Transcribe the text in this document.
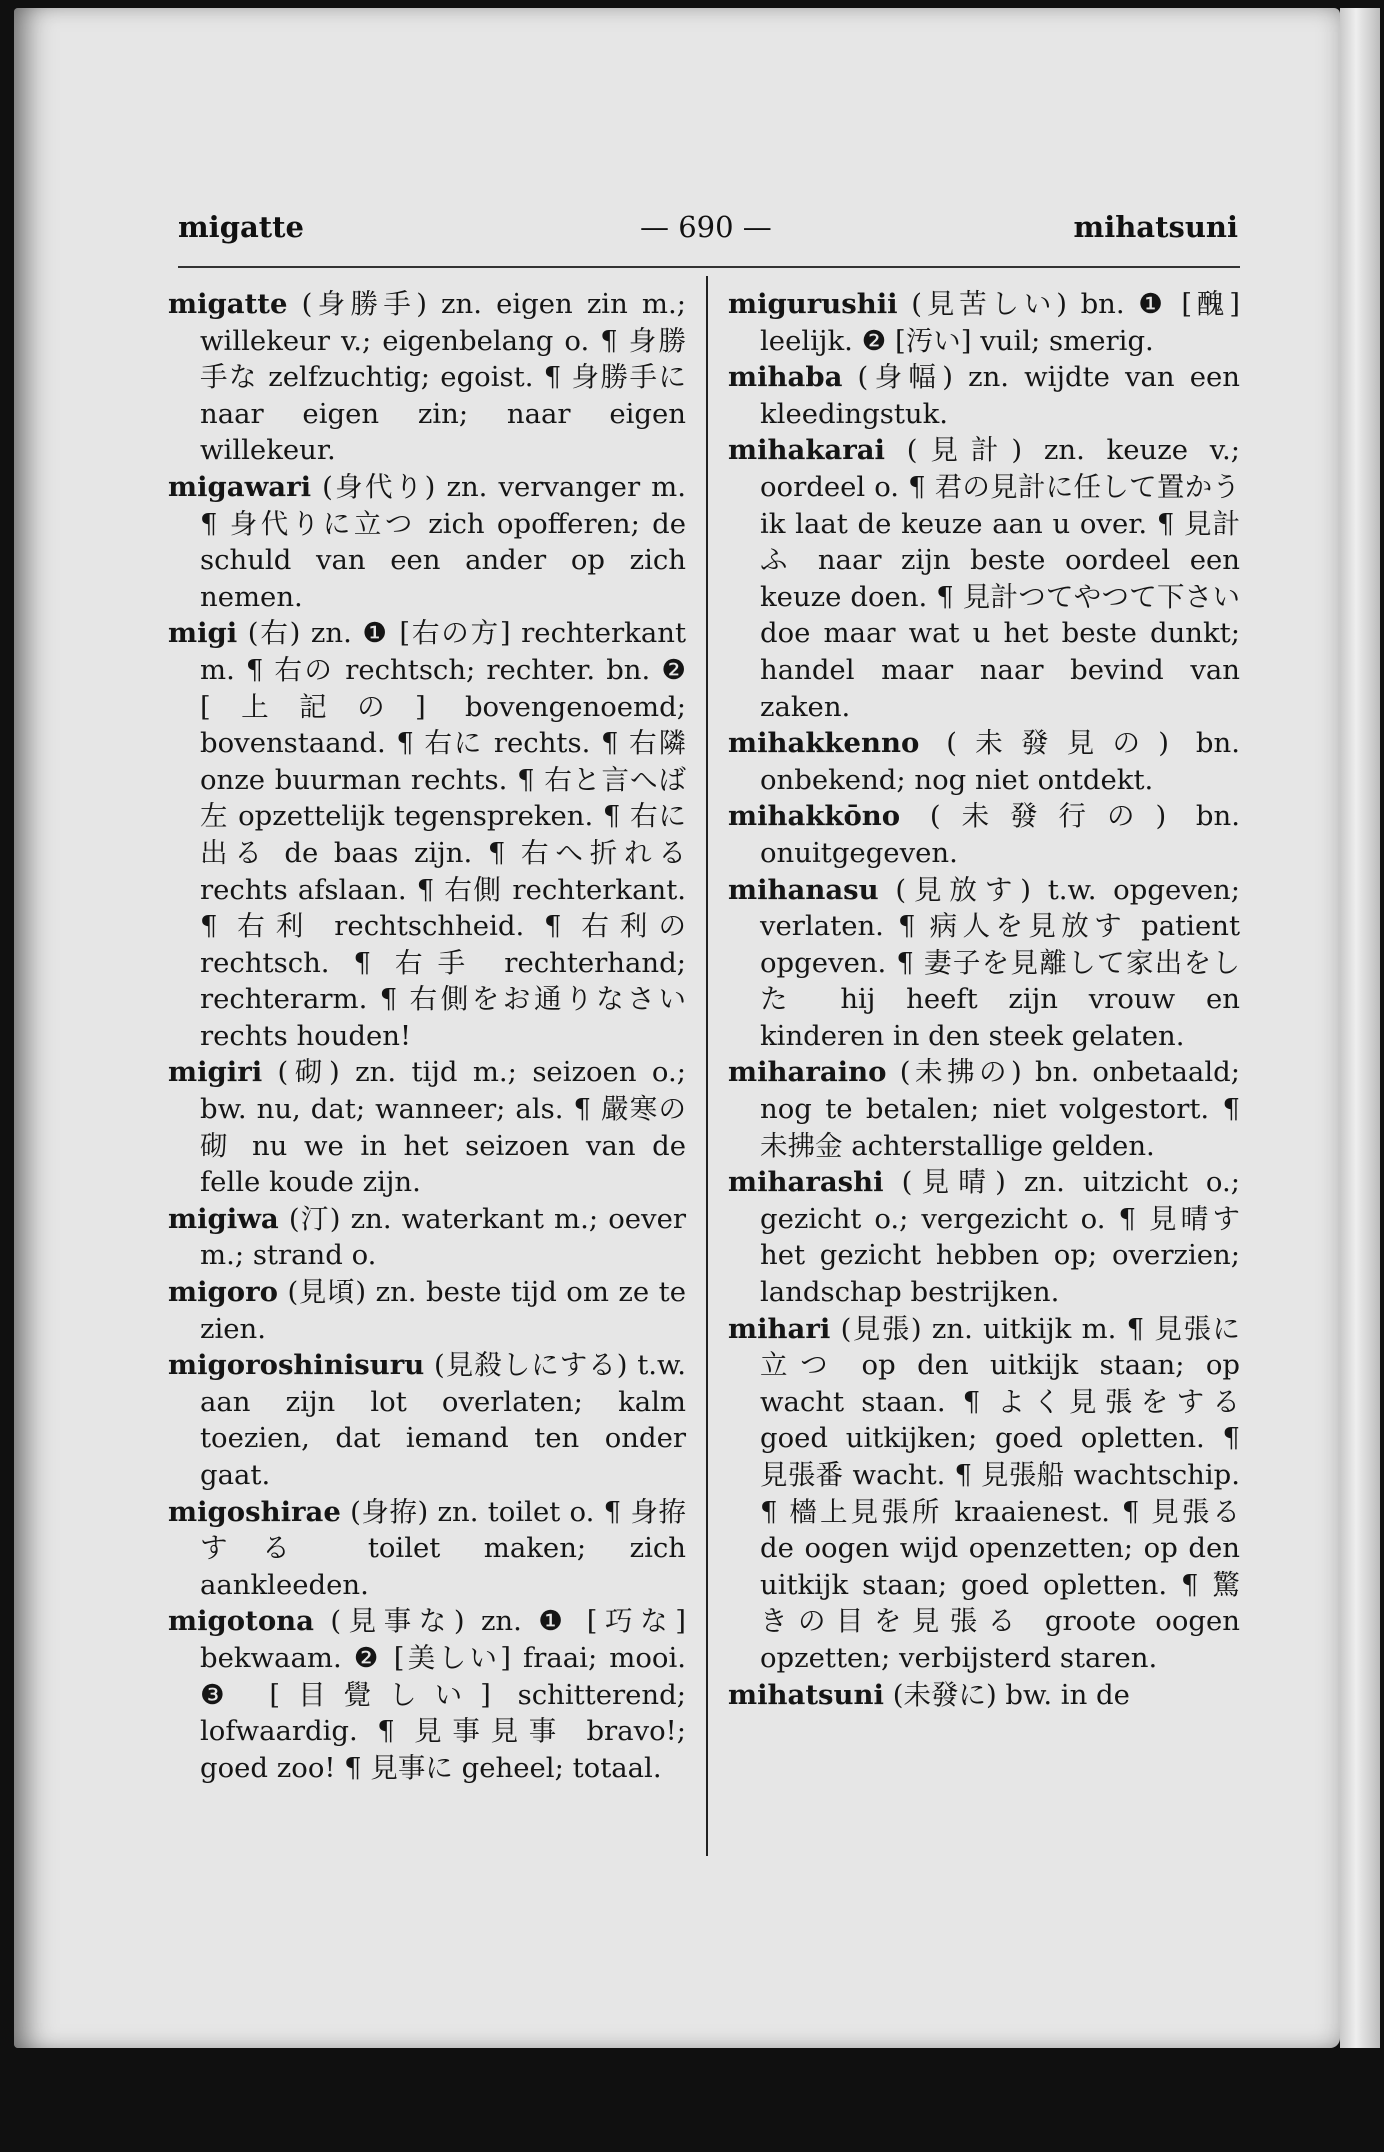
migatte	— 690 —	mihatsuni

migatte (身勝手) zn. eigen zin m.; willekeur v.; eigenbelang o. ¶ 身勝手な zelfzuchtig; egoist. ¶ 身勝手に naar eigen zin; naar eigen willekeur.

migawari (身代り) zn. vervanger m. ¶ 身代りに立つ zich opofferen; de schuld van een ander op zich nemen.

migi (右) zn. ❶ [右の方] rechterkant m. ¶ 右の rechtsch; rechter. bn. ❷ [上記の] bovengenoemd; bovenstaand. ¶ 右に rechts. ¶ 右隣 onze buurman rechts. ¶ 右と言へば左 opzettelijk tegenspreken. ¶ 右に出る de baas zijn. ¶ 右へ折れる rechts afslaan. ¶ 右側 rechterkant. ¶ 右利 rechtschheid. ¶ 右利の rechtsch. ¶ 右手 rechterhand; rechterarm. ¶ 右側をお通りなさい rechts houden!

migiri (砌) zn. tijd m.; seizoen o.; bw. nu, dat; wanneer; als. ¶ 嚴寒の砌 nu we in het seizoen van de felle koude zijn.

migiwa (汀) zn. waterkant m.; oever m.; strand o.

migoro (見頃) zn. beste tijd om ze te zien.

migoroshinisuru (見殺しにする) t.w. aan zijn lot overlaten; kalm toezien, dat iemand ten onder gaat.

migoshirae (身拵) zn. toilet o. ¶ 身拵する toilet maken; zich aankleeden.

migotona (見事な) zn. ❶ [巧な] bekwaam. ❷ [美しい] fraai; mooi. ❸ [目覺しい] schitterend; lofwaardig. ¶ 見事見事 bravo!; goed zoo! ¶ 見事に geheel; totaal.

migurushii (見苦しい) bn. ❶ [醜] leelijk. ❷ [汚い] vuil; smerig.

mihaba (身幅) zn. wijdte van een kleedingstuk.

mihakarai (見計) zn. keuze v.; oordeel o. ¶ 君の見計に任して置かう ik laat de keuze aan u over. ¶ 見計ふ naar zijn beste oordeel een keuze doen. ¶ 見計つてやつて下さい doe maar wat u het beste dunkt; handel maar naar bevind van zaken.

mihakkenno (未發見の) bn. onbekend; nog niet ontdekt.

mihakkōno (未發行の) bn. onuitgegeven.

mihanasu (見放す) t.w. opgeven; verlaten. ¶ 病人を見放す patient opgeven. ¶ 妻子を見離して家出をした hij heeft zijn vrouw en kinderen in den steek gelaten.

miharaino (未拂の) bn. onbetaald; nog te betalen; niet volgestort. ¶ 未拂金 achterstallige gelden.

miharashi (見晴) zn. uitzicht o.; gezicht o.; vergezicht o. ¶ 見晴す het gezicht hebben op; overzien; landschap bestrijken.

mihari (見張) zn. uitkijk m. ¶ 見張に立つ op den uitkijk staan; op wacht staan. ¶ よく見張をする goed uitkijken; goed opletten. ¶ 見張番 wacht. ¶ 見張船 wachtschip. ¶ 檣上見張所 kraaienest. ¶ 見張る de oogen wijd openzetten; op den uitkijk staan; goed opletten. ¶ 驚きの目を見張る groote oogen opzetten; verbijsterd staren.

mihatsuni (未發に) bw. in de
